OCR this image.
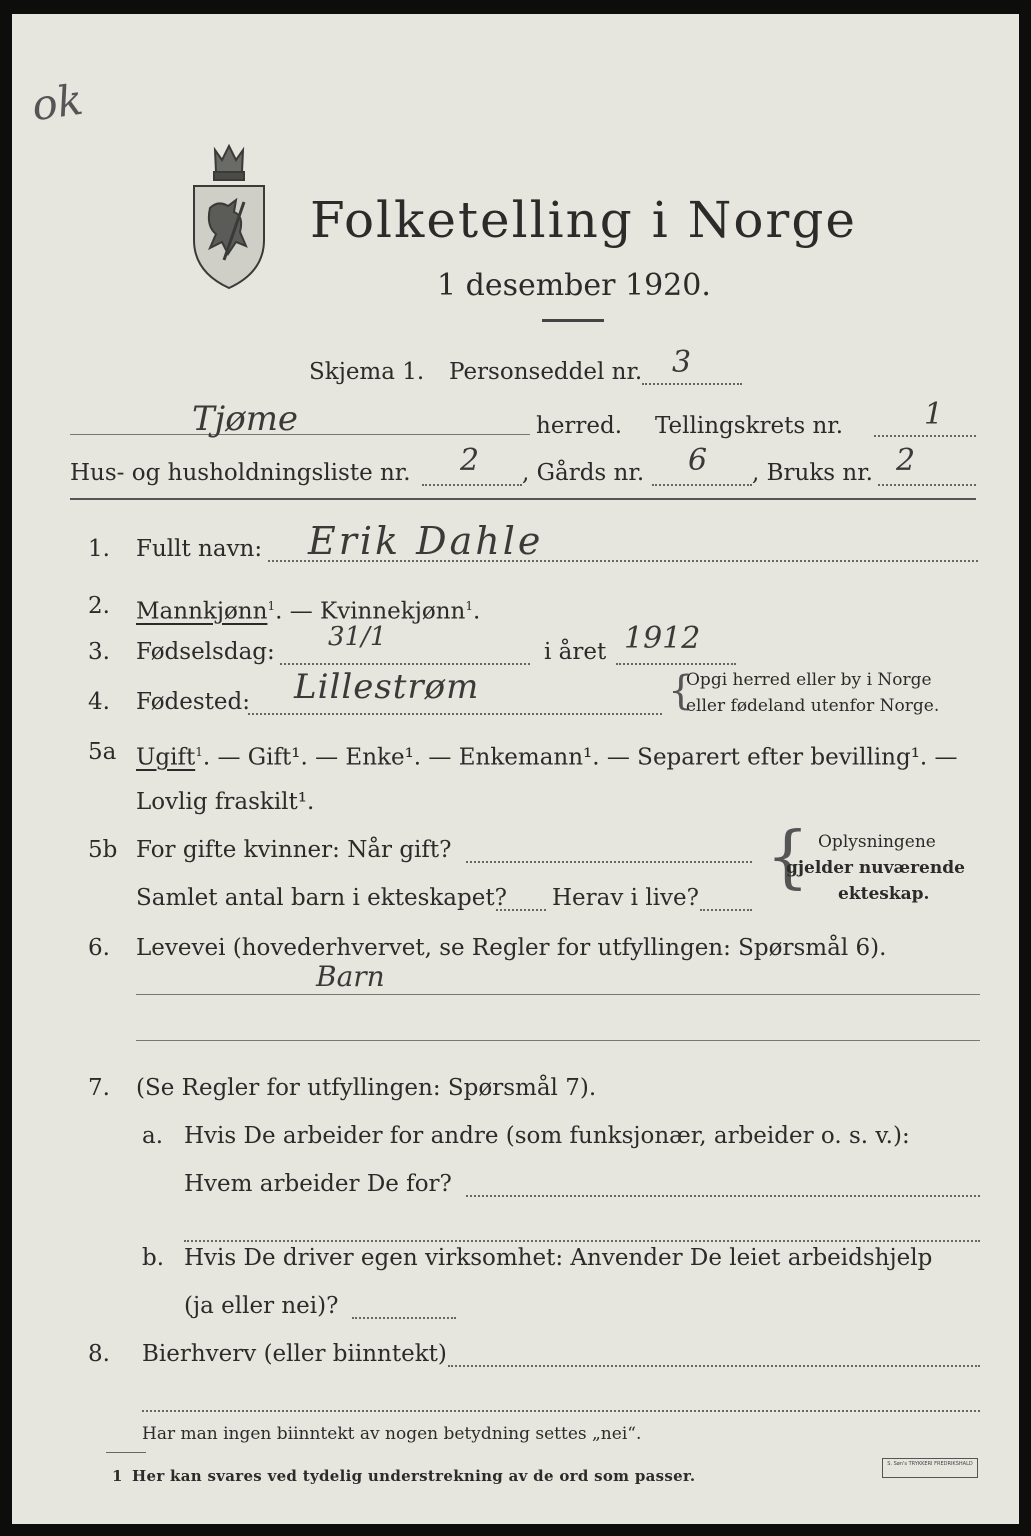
ok
Folketelling i Norge
1 desember 1920.
Skjema 1. Personseddel nr. 3
Tjøme	herred. Tellingskrets nr.	1
Hus- og husholdningsliste nr. 2 , Gårds nr. 6 , Bruks nr. 2
1. Fullt navn: Erik Dahle
2. Mannkjønn$^1$. — Kvinnekjønn$^1$.
3. Fødselsdag: 31/1	i året 1912
4. Fødested: Lillestrøm	{
Opgi herred eller by i Norge
eller fødeland utenfor Norge.
5a Ugift$^1$. — Gift¹. — Enke¹. — Enkemann¹. — Separert efter bevilling¹. —
Lovlig fraskilt¹.
5b For gifte kvinner: Når gift?
Samlet antal barn i ekteskapet? Herav i live?
{ Oplysningene
gjelder nuværende
ekteskap.
6. Levevei (hovederhvervet, se Regler for utfyllingen: Spørsmål 6).
Barn
7. (Se Regler for utfyllingen: Spørsmål 7).
a. Hvis De arbeider for andre (som funksjonær, arbeider o. s. v.):
Hvem arbeider De for?
b. Hvis De driver egen virksomhet: Anvender De leiet arbeidshjelp
(ja eller nei)?
8. Bierhverv (eller biinntekt)
Har man ingen biinntekt av nogen betydning settes „nei“.
1 Her kan svares ved tydelig understrekning av de ord som passer.
S. Søn's TRYKKERI FREDRIKSHALD
